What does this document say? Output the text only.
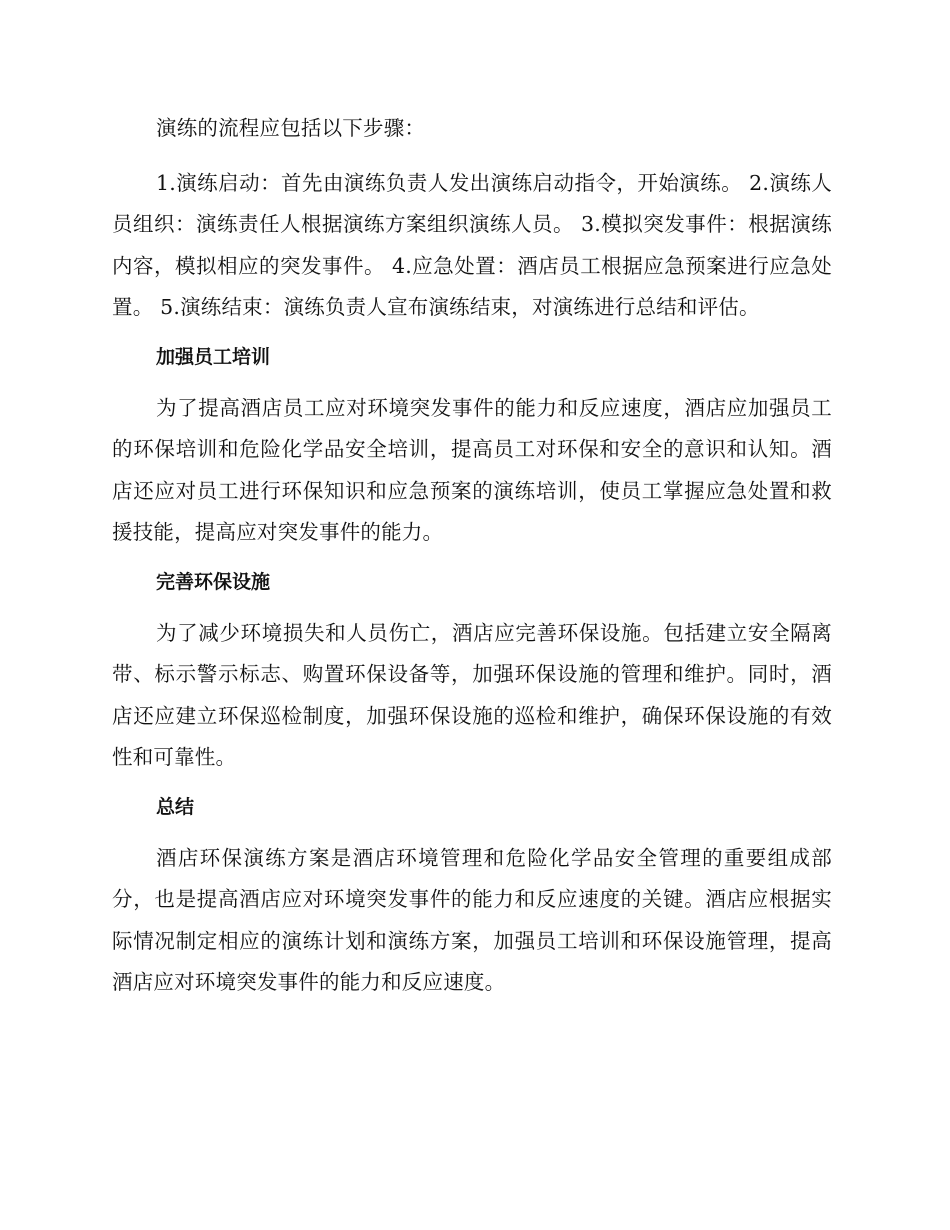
演练的流程应包括以下步骤：

1.演练启动：首先由演练负责人发出演练启动指令，开始演练。 2.演练人员组织：演练责任人根据演练方案组织演练人员。 3.模拟突发事件：根据演练内容，模拟相应的突发事件。 4.应急处置：酒店员工根据应急预案进行应急处置。 5.演练结束：演练负责人宣布演练结束，对演练进行总结和评估。

加强员工培训

为了提高酒店员工应对环境突发事件的能力和反应速度，酒店应加强员工的环保培训和危险化学品安全培训，提高员工对环保和安全的意识和认知。酒店还应对员工进行环保知识和应急预案的演练培训，使员工掌握应急处置和救援技能，提高应对突发事件的能力。

完善环保设施

为了减少环境损失和人员伤亡，酒店应完善环保设施。包括建立安全隔离带、标示警示标志、购置环保设备等，加强环保设施的管理和维护。同时，酒店还应建立环保巡检制度，加强环保设施的巡检和维护，确保环保设施的有效性和可靠性。

总结

酒店环保演练方案是酒店环境管理和危险化学品安全管理的重要组成部分，也是提高酒店应对环境突发事件的能力和反应速度的关键。酒店应根据实际情况制定相应的演练计划和演练方案，加强员工培训和环保设施管理，提高酒店应对环境突发事件的能力和反应速度。
